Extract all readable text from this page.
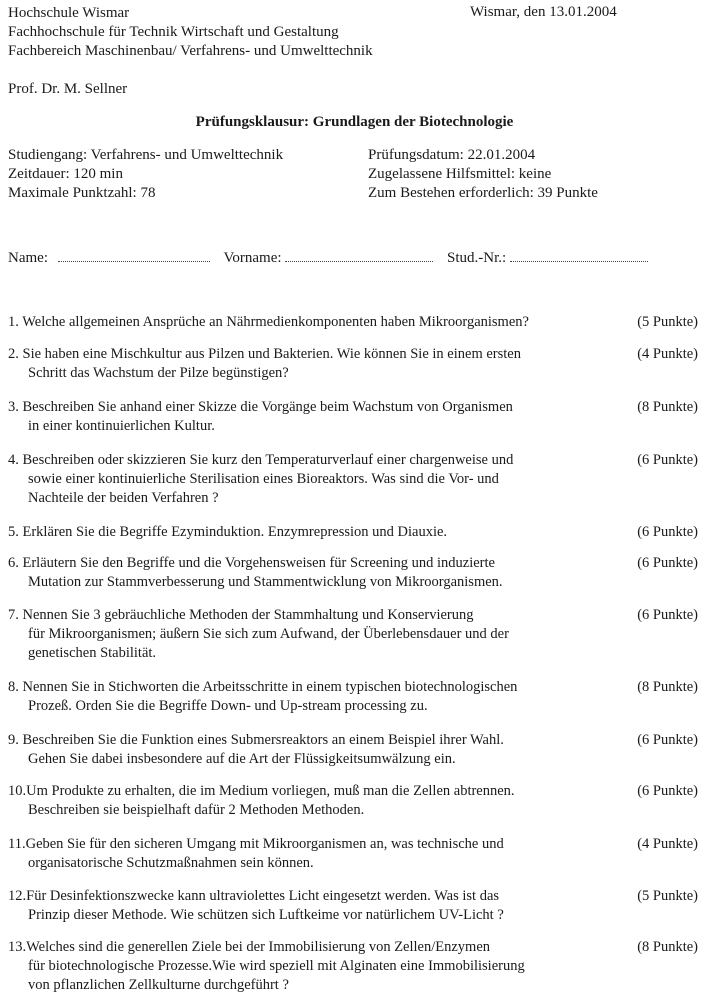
Hochschule Wismar
Fachhochschule für Technik Wirtschaft und Gestaltung
Fachbereich Maschinenbau/ Verfahrens- und Umwelttechnik
Wismar, den 13.01.2004
Prof. Dr. M. Sellner
Prüfungsklausur: Grundlagen der Biotechnologie
Studiengang: Verfahrens- und Umwelttechnik
Zeitdauer: 120 min
Maximale Punktzahl: 78
Prüfungsdatum: 22.01.2004
Zugelassene Hilfsmittel: keine
Zum Bestehen erforderlich: 39 Punkte
Name:	Vorname:	Stud.-Nr.:
(5 Punkte)
1. Welche allgemeinen Ansprüche an Nährmedienkomponenten haben Mikroorganismen?
(4 Punkte)
2. Sie haben eine Mischkultur aus Pilzen und Bakterien. Wie können Sie in einem ersten
Schritt das Wachstum der Pilze begünstigen?
(8 Punkte)
3. Beschreiben Sie anhand einer Skizze die Vorgänge beim Wachstum von Organismen
in einer kontinuierlichen Kultur.
(6 Punkte)
4. Beschreiben oder skizzieren Sie kurz den Temperaturverlauf einer chargenweise und
sowie einer kontinuierliche Sterilisation eines Bioreaktors. Was sind die Vor- und
Nachteile der beiden Verfahren ?
(6 Punkte)
5. Erklären Sie die Begriffe Ezyminduktion. Enzymrepression und Diauxie.
(6 Punkte)
6. Erläutern Sie den Begriffe und die Vorgehensweisen für Screening und induzierte
Mutation zur Stammverbesserung und Stammentwicklung von Mikroorganismen.
(6 Punkte)
7. Nennen Sie 3 gebräuchliche Methoden der Stammhaltung und Konservierung
für Mikroorganismen; äußern Sie sich zum Aufwand, der Überlebensdauer und der
genetischen Stabilität.
(8 Punkte)
8. Nennen Sie in Stichworten die Arbeitsschritte in einem typischen biotechnologischen
Prozeß. Orden Sie die Begriffe Down- und Up-stream processing zu.
(6 Punkte)
9. Beschreiben Sie die Funktion eines Submersreaktors an einem Beispiel ihrer Wahl.
Gehen Sie dabei insbesondere auf die Art der Flüssigkeitsumwälzung ein.
(6 Punkte)
10.Um Produkte zu erhalten, die im Medium vorliegen, muß man die Zellen abtrennen.
Beschreiben sie beispielhaft dafür 2 Methoden Methoden.
(4 Punkte)
11.Geben Sie für den sicheren Umgang mit Mikroorganismen an, was technische und
organisatorische Schutzmaßnahmen sein können.
(5 Punkte)
12.Für Desinfektionszwecke kann ultraviolettes Licht eingesetzt werden. Was ist das
Prinzip dieser Methode. Wie schützen sich Luftkeime vor natürlichem UV-Licht ?
(8 Punkte)
13.Welches sind die generellen Ziele bei der Immobilisierung von Zellen/Enzymen
für biotechnologische Prozesse.Wie wird speziell mit Alginaten eine Immobilisierung
von pflanzlichen Zellkulturne durchgeführt ?
